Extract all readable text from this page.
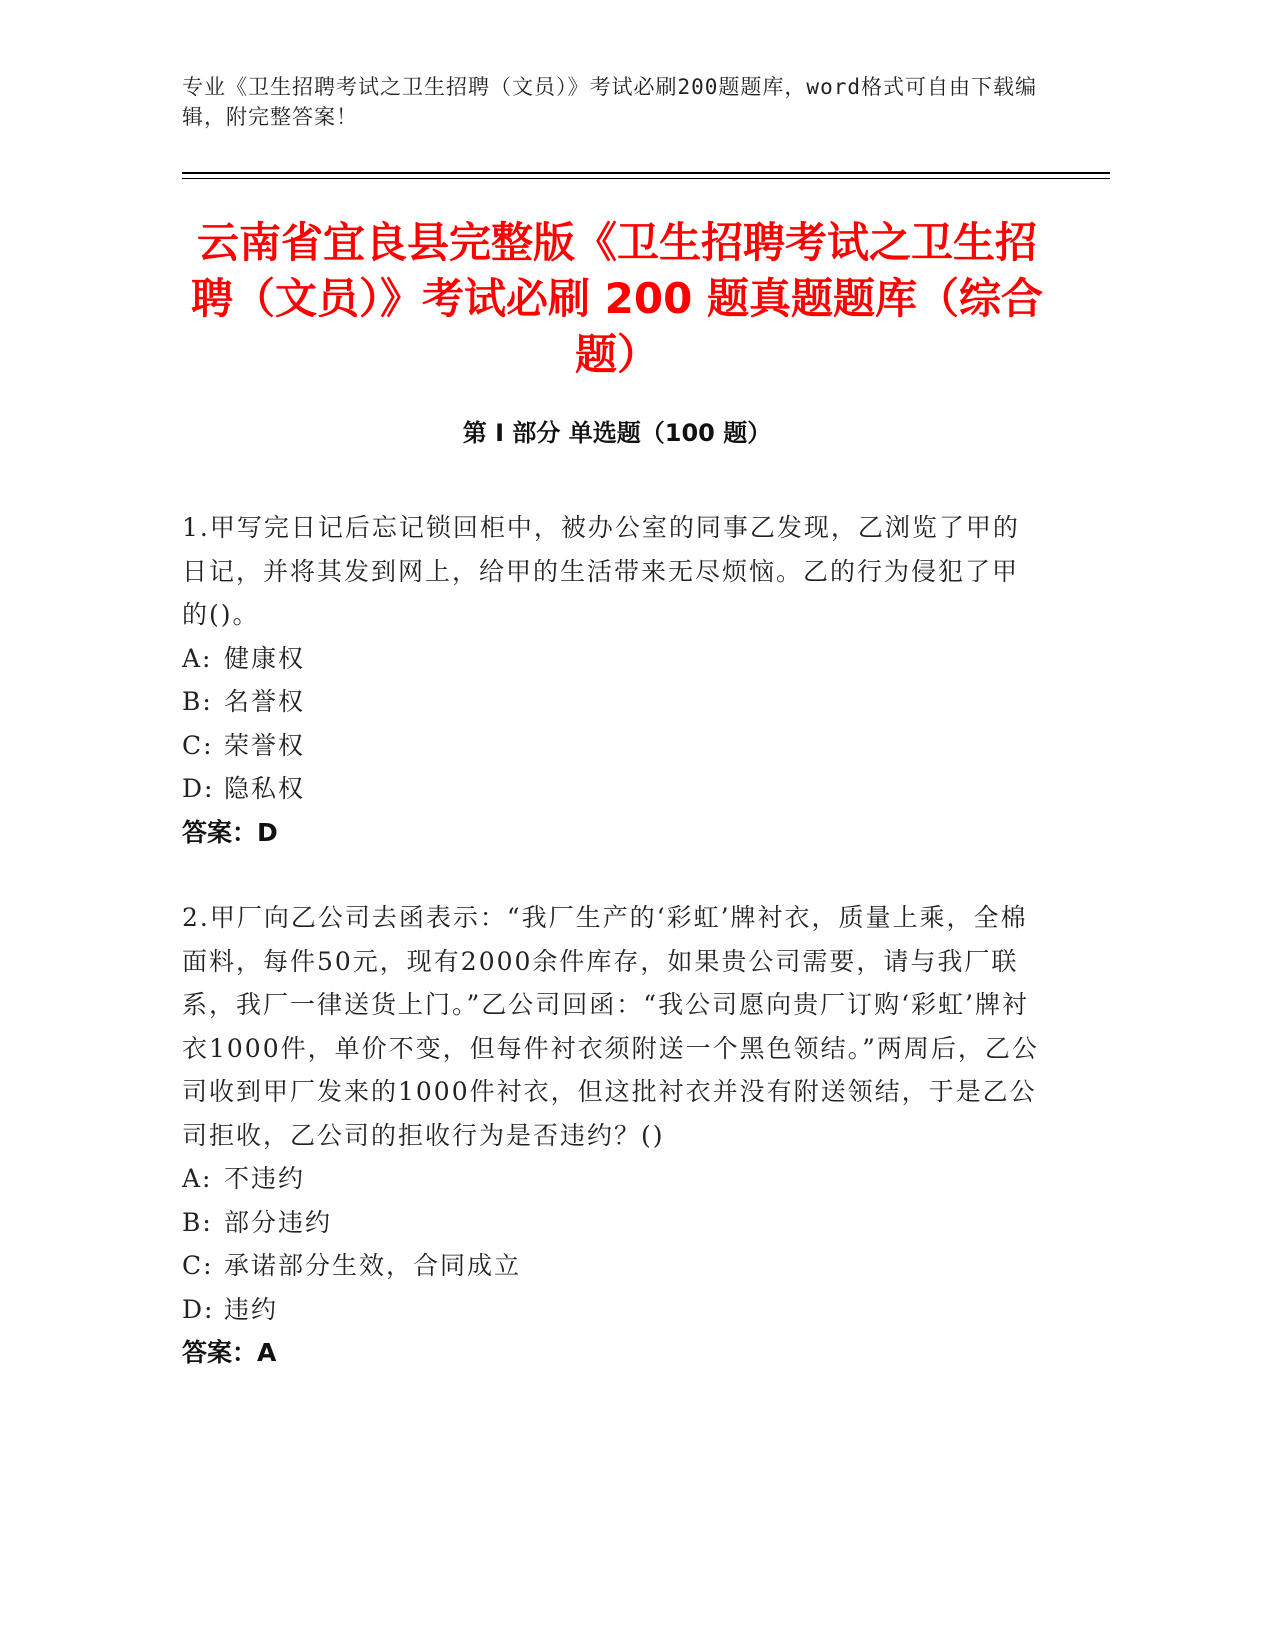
专业《卫生招聘考试之卫生招聘（文员）》考试必刷200题题库，word格式可自由下载编辑，附完整答案！
云南省宜良县完整版《卫生招聘考试之卫生招聘（文员）》考试必刷 200 题真题题库（综合题）
第 I 部分 单选题（100 题）
1.甲写完日记后忘记锁回柜中，被办公室的同事乙发现，乙浏览了甲的日记，并将其发到网上，给甲的生活带来无尽烦恼。乙的行为侵犯了甲的()。
A: 健康权
B: 名誉权
C: 荣誉权
D: 隐私权
答案：D
2.甲厂向乙公司去函表示：“我厂生产的‘彩虹’牌衬衣，质量上乘，全棉面料，每件50元，现有2000余件库存，如果贵公司需要，请与我厂联系，我厂一律送货上门。”乙公司回函：“我公司愿向贵厂订购‘彩虹’牌衬衣1000件，单价不变，但每件衬衣须附送一个黑色领结。”两周后，乙公司收到甲厂发来的1000件衬衣，但这批衬衣并没有附送领结，于是乙公司拒收，乙公司的拒收行为是否违约？()
A: 不违约
B: 部分违约
C: 承诺部分生效，合同成立
D: 违约
答案：A
